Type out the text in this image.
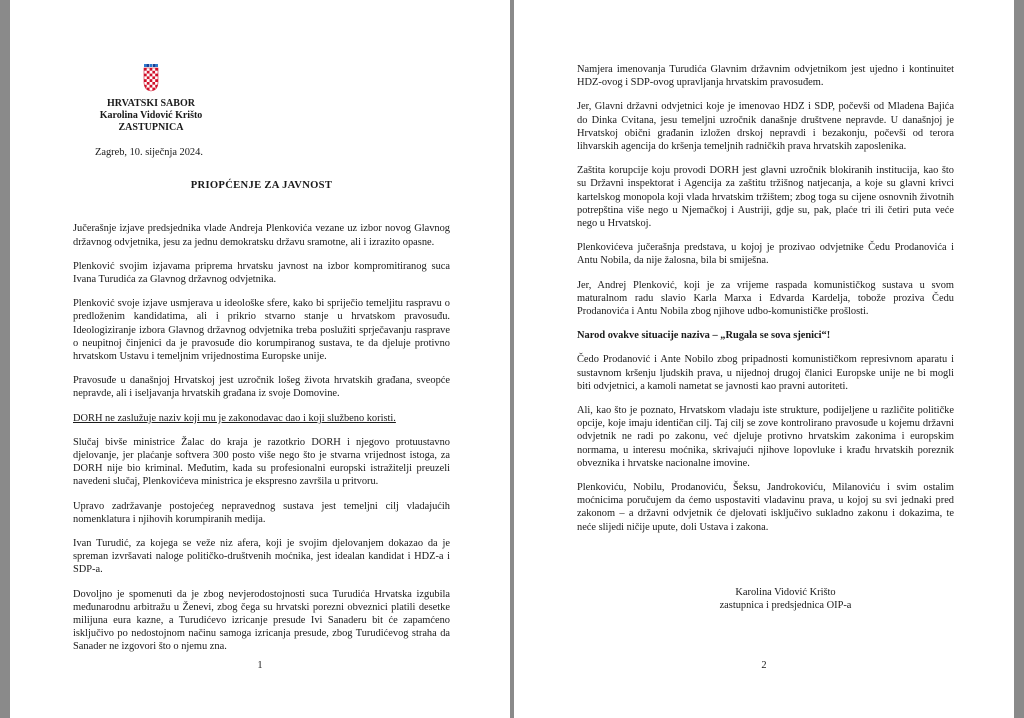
HRVATSKI SABOR
Karolina Vidović Krišto
ZASTUPNICA
Zagreb, 10. siječnja 2024.
PRIOPĆENJE ZA JAVNOST

Jučerašnje izjave predsjednika vlade Andreja Plenkovića vezane uz izbor novog Glavnog državnog odvjetnika, jesu za jednu demokratsku državu sramotne, ali i izrazito opasne.

Plenković svojim izjavama priprema hrvatsku javnost na izbor kompromitiranog suca Ivana Turudića za Glavnog državnog odvjetnika.

Plenković svoje izjave usmjerava u ideološke sfere, kako bi spriječio temeljitu raspravu o predloženim kandidatima, ali i prikrio stvarno stanje u hrvatskom pravosuđu. Ideologiziranje izbora Glavnog državnog odvjetnika treba poslužiti sprječavanju rasprave o neupitnoj činjenici da je pravosuđe dio korumpiranog sustava, te da djeluje protivno hrvatskom Ustavu i temeljnim vrijednostima Europske unije.

Pravosuđe u današnjoj Hrvatskoj jest uzročnik lošeg života hrvatskih građana, sveopće nepravde, ali i iseljavanja hrvatskih građana iz svoje Domovine.

DORH ne zaslužuje naziv koji mu je zakonodavac dao i koji službeno koristi.

Slučaj bivše ministrice Žalac do kraja je razotkrio DORH i njegovo protuustavno djelovanje, jer plaćanje softvera 300 posto više nego što je stvarna vrijednost istoga, za DORH nije bio kriminal. Međutim, kada su profesionalni europski istražitelji preuzeli navedeni slučaj, Plenkovićeva ministrica je ekspresno završila u pritvoru.

Upravo zadržavanje postojećeg nepravednog sustava jest temeljni cilj vladajućih nomenklatura i njihovih korumpiranih medija.

Ivan Turudić, za kojega se veže niz afera, koji je svojim djelovanjem dokazao da je spreman izvršavati naloge političko-društvenih moćnika, jest idealan kandidat i HDZ-a i SDP-a.

Dovoljno je spomenuti da je zbog nevjerodostojnosti suca Turudića Hrvatska izgubila međunarodnu arbitražu u Ženevi, zbog čega su hrvatski porezni obveznici platili desetke milijuna eura kazne, a Turudićevo izricanje presude Ivi Sanaderu bit će zapamćeno isključivo po nedostojnom načinu samoga izricanja presude, zbog Turudićevog straha da Sanader ne izgovori što o njemu zna.

1

Namjera imenovanja Turudića Glavnim državnim odvjetnikom jest ujedno i kontinuitet HDZ-ovog i SDP-ovog upravljanja hrvatskim pravosuđem.

Jer, Glavni državni odvjetnici koje je imenovao HDZ i SDP, počevši od Mladena Bajića do Dinka Cvitana, jesu temeljni uzročnik današnje društvene nepravde. U današnjoj je Hrvatskoj obični građanin izložen drskoj nepravdi i bezakonju, počevši od terora lihvarskih agencija do kršenja temeljnih radničkih prava hrvatskih zaposlenika.

Zaštita korupcije koju provodi DORH jest glavni uzročnik blokiranih institucija, kao što su Državni inspektorat i Agencija za zaštitu tržišnog natjecanja, a koje su glavni krivci kartelskog monopola koji vlada hrvatskim tržištem; zbog toga su cijene osnovnih životnih potrepština više nego u Njemačkoj i Austriji, gdje su, pak, plaće tri ili četiri puta veće nego u Hrvatskoj.

Plenkovićeva jučerašnja predstava, u kojoj je prozivao odvjetnike Čedu Prodanovića i Antu Nobila, da nije žalosna, bila bi smiješna.

Jer, Andrej Plenković, koji je za vrijeme raspada komunističkog sustava u svom maturalnom radu slavio Karla Marxa i Edvarda Kardelja, tobože proziva Čedu Prodanovića i Antu Nobila zbog njihove udbo-komunističke prošlosti.

Narod ovakve situacije naziva – „Rugala se sova sjenici“!

Čedo Prodanović i Ante Nobilo zbog pripadnosti komunističkom represivnom aparatu i sustavnom kršenju ljudskih prava, u nijednoj drugoj članici Europske unije ne bi mogli biti odvjetnici, a kamoli nametat se javnosti kao pravni autoriteti.

Ali, kao što je poznato, Hrvatskom vladaju iste strukture, podijeljene u različite političke opcije, koje imaju identičan cilj. Taj cilj se zove kontrolirano pravosuđe u kojemu državni odvjetnik ne radi po zakonu, već djeluje protivno hrvatskim zakonima i europskim normama, u interesu moćnika, skrivajući njihove lopovluke i krađu hrvatskih poreznik obveznika i hrvatske nacionalne imovine.

Plenkoviću, Nobilu, Prodanoviću, Šeksu, Jandrokoviću, Milanoviću i svim ostalim moćnicima poručujem da ćemo uspostaviti vladavinu prava, u kojoj su svi jednaki pred zakonom – a državni odvjetnik će djelovati isključivo sukladno zakonu i dokazima, te neće slijedi ničije upute, doli Ustava i zakona.

Karolina Vidović Krišto
zastupnica i predsjednica OIP-a
2
